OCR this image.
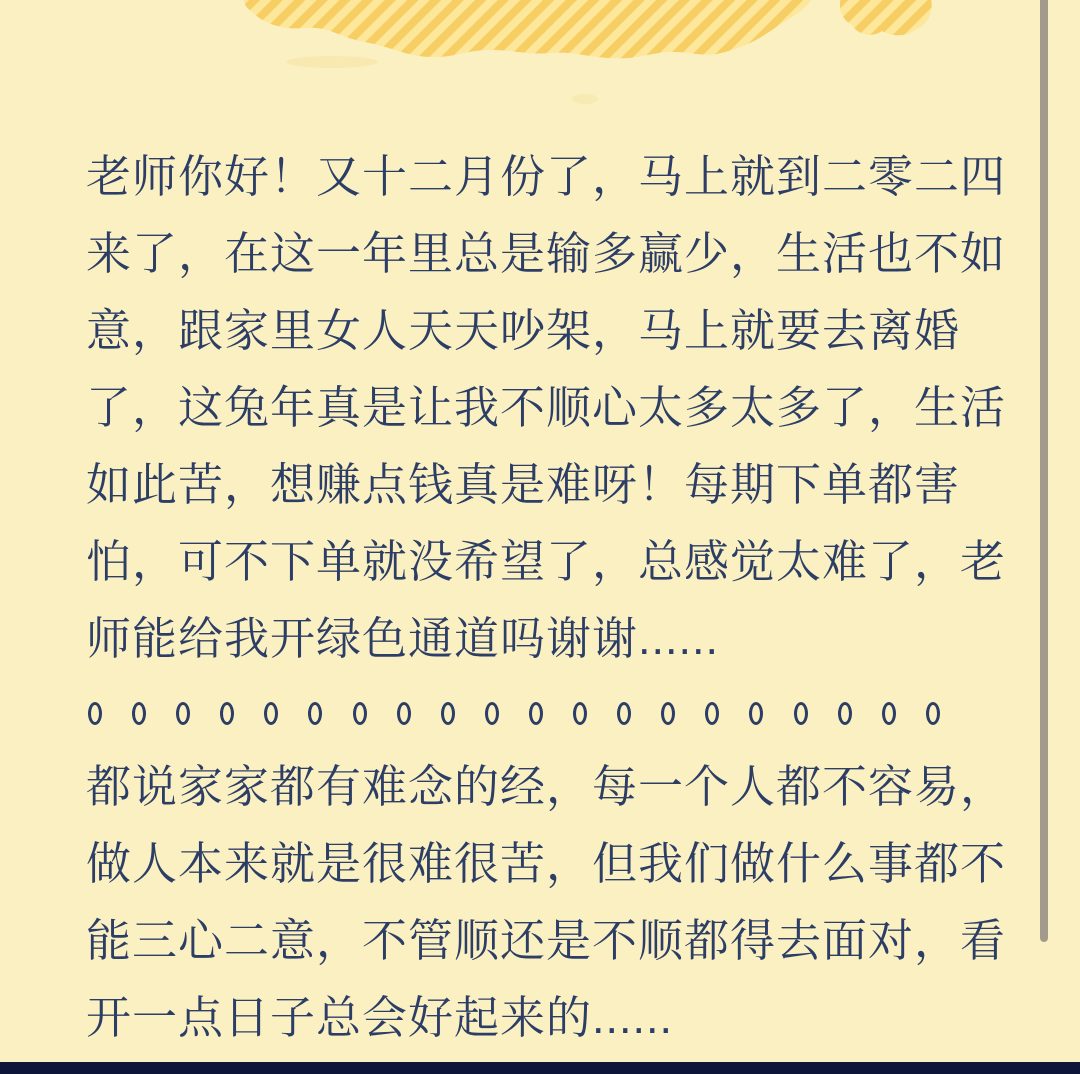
老师你好！又十二月份了，马上就到二零二四
来了，在这一年里总是输多赢少，生活也不如
意，跟家里女人天天吵架，马上就要去离婚
了，这兔年真是让我不顺心太多太多了，生活
如此苦，想赚点钱真是难呀！每期下单都害
怕，可不下单就没希望了，总感觉太难了，老
师能给我开绿色通道吗谢谢......
都说家家都有难念的经，每一个人都不容易，
做人本来就是很难很苦，但我们做什么事都不
能三心二意，不管顺还是不顺都得去面对，看
开一点日子总会好起来的......
